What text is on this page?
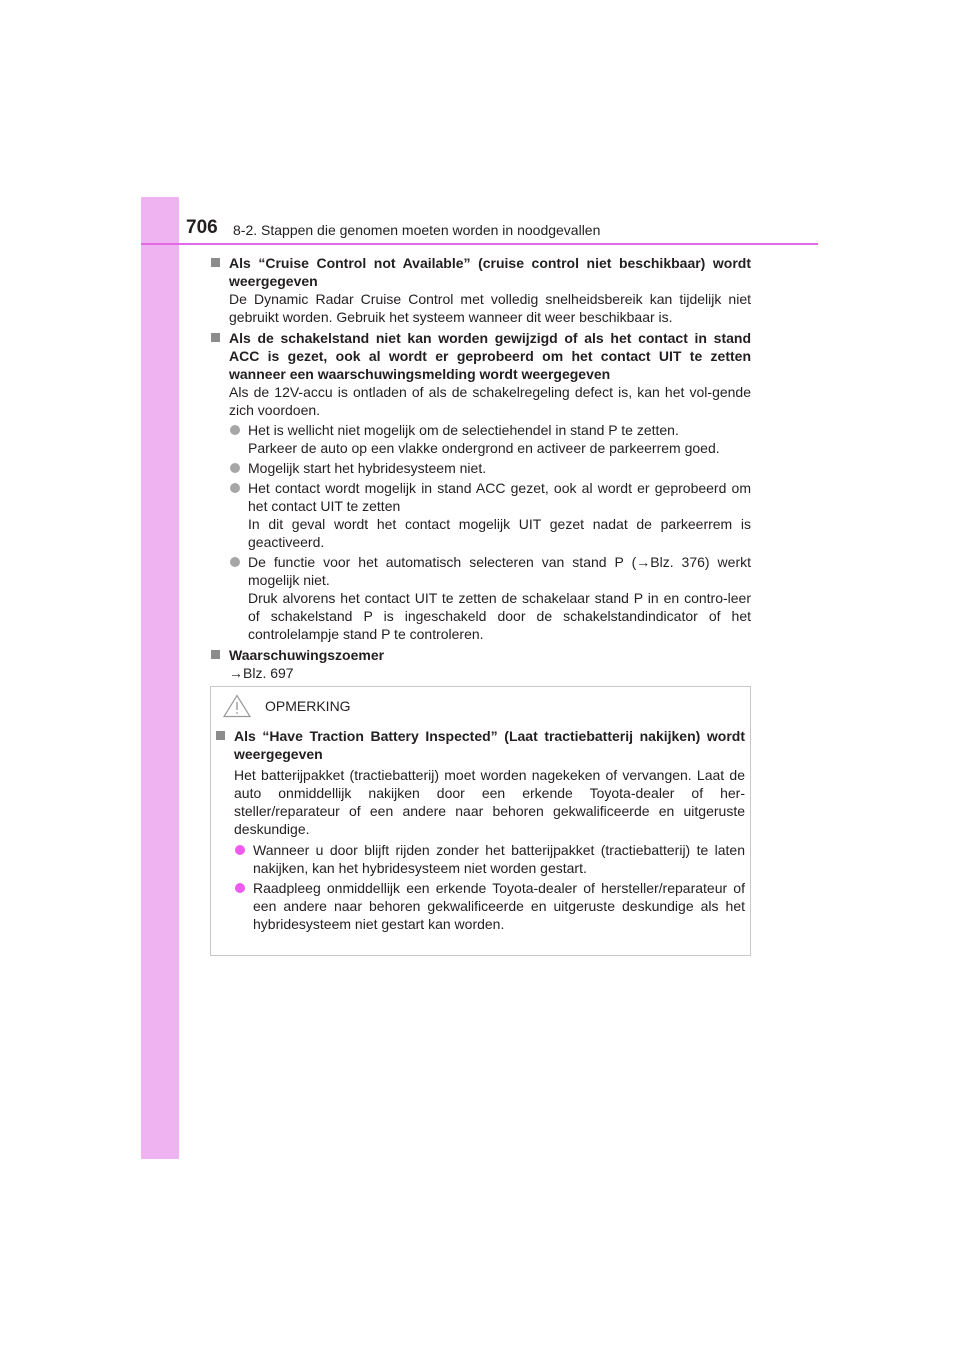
706 8-2. Stappen die genomen moeten worden in noodgevallen
Als “Cruise Control not Available” (cruise control niet beschikbaar) wordt weergegeven
De Dynamic Radar Cruise Control met volledig snelheidsbereik kan tijdelijk niet gebruikt worden. Gebruik het systeem wanneer dit weer beschikbaar is.
Als de schakelstand niet kan worden gewijzigd of als het contact in stand ACC is gezet, ook al wordt er geprobeerd om het contact UIT te zetten wanneer een waarschuwingsmelding wordt weergegeven
Als de 12V-accu is ontladen of als de schakelregeling defect is, kan het vol-gende zich voordoen.
Het is wellicht niet mogelijk om de selectiehendel in stand P te zetten.
Parkeer de auto op een vlakke ondergrond en activeer de parkeerrem goed.
Mogelijk start het hybridesysteem niet.
Het contact wordt mogelijk in stand ACC gezet, ook al wordt er geprobeerd om het contact UIT te zetten
In dit geval wordt het contact mogelijk UIT gezet nadat de parkeerrem is geactiveerd.
De functie voor het automatisch selecteren van stand P (→Blz. 376) werkt mogelijk niet.
Druk alvorens het contact UIT te zetten de schakelaar stand P in en contro-leer of schakelstand P is ingeschakeld door de schakelstandindicator of het controlelampje stand P te controleren.
Waarschuwingszoemer
→Blz. 697
OPMERKING
Als “Have Traction Battery Inspected” (Laat tractiebatterij nakijken) wordt weergegeven
Het batterijpakket (tractiebatterij) moet worden nagekeken of vervangen. Laat de auto onmiddellijk nakijken door een erkende Toyota-dealer of her-steller/reparateur of een andere naar behoren gekwalificeerde en uitgeruste deskundige.
Wanneer u door blijft rijden zonder het batterijpakket (tractiebatterij) te laten nakijken, kan het hybridesysteem niet worden gestart.
Raadpleeg onmiddellijk een erkende Toyota-dealer of hersteller/reparateur of een andere naar behoren gekwalificeerde en uitgeruste deskundige als het hybridesysteem niet gestart kan worden.
